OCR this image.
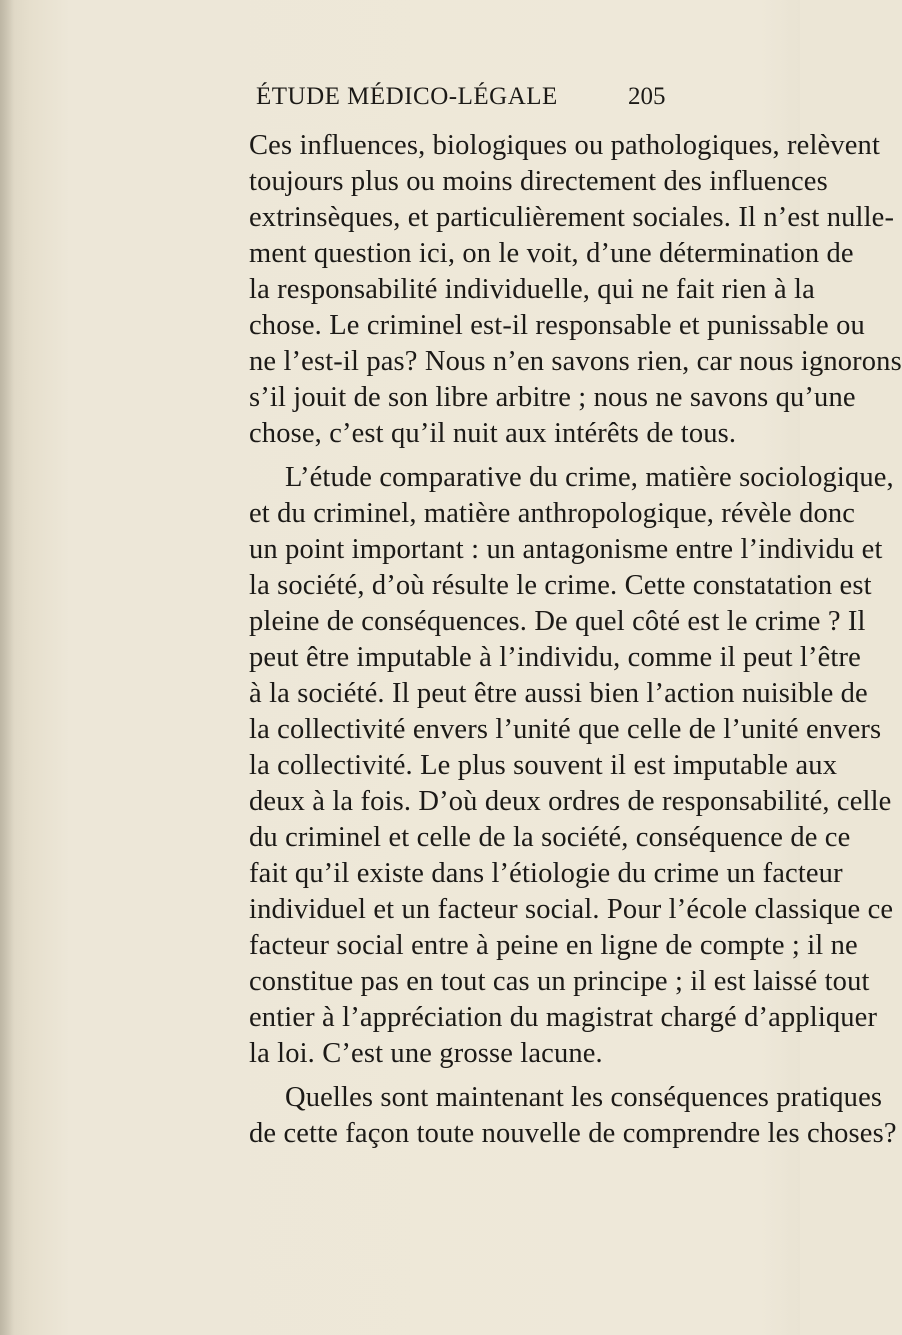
ÉTUDE MÉDICO-LÉGALE	205
Ces influences, biologiques ou pathologiques, relèvent
toujours plus ou moins directement des influences
extrinsèques, et particulièrement sociales. Il n’est nulle-
ment question ici, on le voit, d’une détermination de
la responsabilité individuelle, qui ne fait rien à la
chose. Le criminel est-il responsable et punissable ou
ne l’est-il pas? Nous n’en savons rien, car nous ignorons
s’il jouit de son libre arbitre ; nous ne savons qu’une
chose, c’est qu’il nuit aux intérêts de tous.
L’étude comparative du crime, matière sociologique,
et du criminel, matière anthropologique, révèle donc
un point important : un antagonisme entre l’individu et
la société, d’où résulte le crime. Cette constatation est
pleine de conséquences. De quel côté est le crime ? Il
peut être imputable à l’individu, comme il peut l’être
à la société. Il peut être aussi bien l’action nuisible de
la collectivité envers l’unité que celle de l’unité envers
la collectivité. Le plus souvent il est imputable aux
deux à la fois. D’où deux ordres de responsabilité, celle
du criminel et celle de la société, conséquence de ce
fait qu’il existe dans l’étiologie du crime un facteur
individuel et un facteur social. Pour l’école classique ce
facteur social entre à peine en ligne de compte ; il ne
constitue pas en tout cas un principe ; il est laissé tout
entier à l’appréciation du magistrat chargé d’appliquer
la loi. C’est une grosse lacune.
Quelles sont maintenant les conséquences pratiques
de cette façon toute nouvelle de comprendre les choses?
